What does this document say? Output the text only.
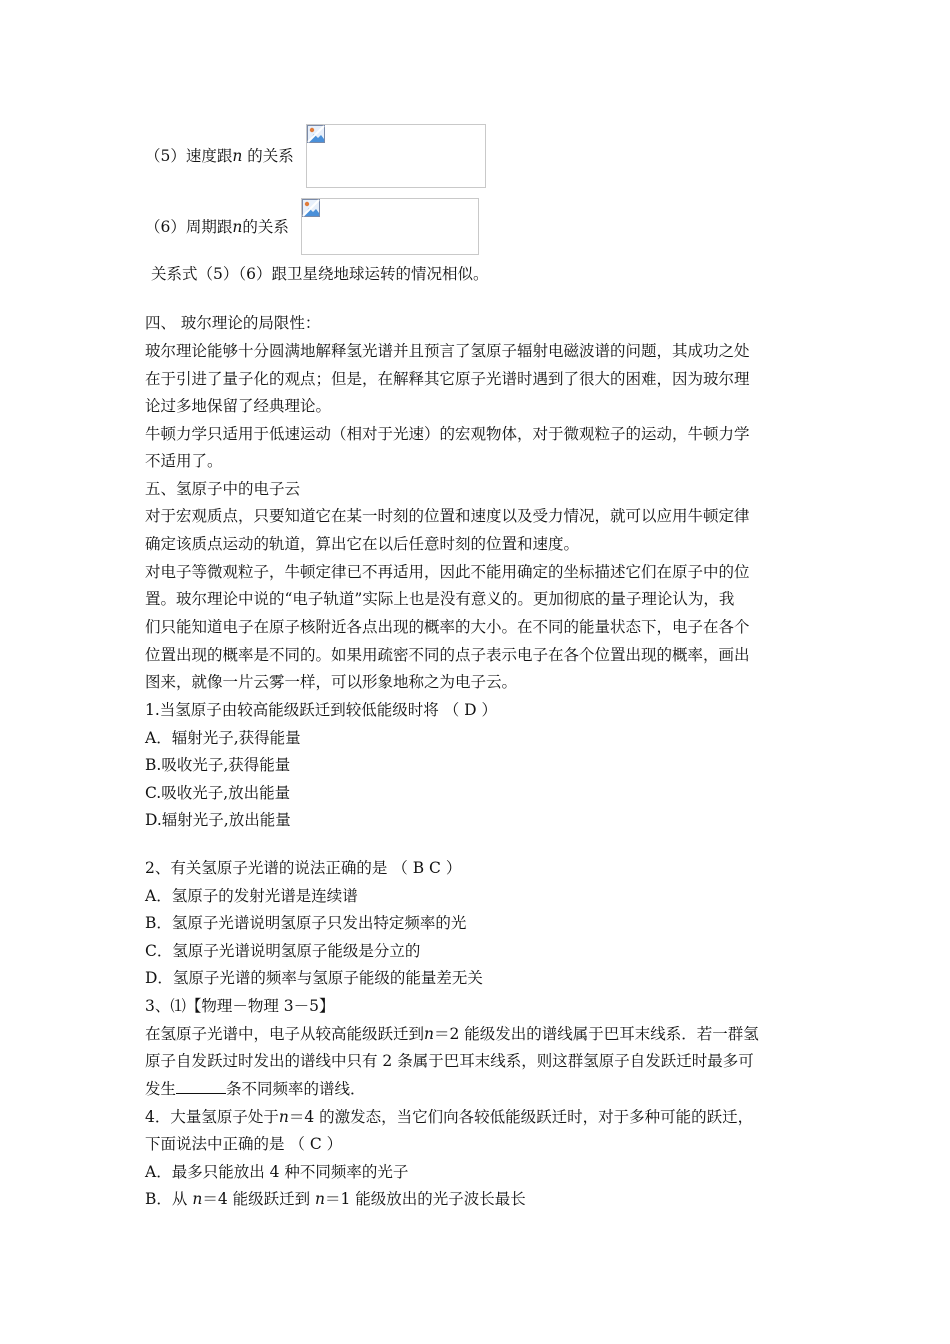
（5）速度跟n 的关系
（6）周期跟n的关系
关系式（5）（6）跟卫星绕地球运转的情况相似。
四、 玻尔理论的局限性：
玻尔理论能够十分圆满地解释氢光谱并且预言了氢原子辐射电磁波谱的问题，其成功之处
在于引进了量子化的观点；但是，在解释其它原子光谱时遇到了很大的困难，因为玻尔理
论过多地保留了经典理论。
牛顿力学只适用于低速运动（相对于光速）的宏观物体，对于微观粒子的运动，牛顿力学
不适用了。
五、氢原子中的电子云
对于宏观质点，只要知道它在某一时刻的位置和速度以及受力情况，就可以应用牛顿定律
确定该质点运动的轨道，算出它在以后任意时刻的位置和速度。
对电子等微观粒子，牛顿定律已不再适用，因此不能用确定的坐标描述它们在原子中的位
置。玻尔理论中说的“电子轨道”实际上也是没有意义的。更加彻底的量子理论认为，我
们只能知道电子在原子核附近各点出现的概率的大小。在不同的能量状态下，电子在各个
位置出现的概率是不同的。如果用疏密不同的点子表示电子在各个位置出现的概率，画出
图来，就像一片云雾一样，可以形象地称之为电子云。
1.当氢原子由较高能级跃迁到较低能级时将 （ D ）
A．辐射光子,获得能量
B.吸收光子,获得能量
C.吸收光子,放出能量
D.辐射光子,放出能量
2、有关氢原子光谱的说法正确的是 （ B C ）
A．氢原子的发射光谱是连续谱
B．氢原子光谱说明氢原子只发出特定频率的光
C．氢原子光谱说明氢原子能级是分立的
D．氢原子光谱的频率与氢原子能级的能量差无关
3、⑴【物理－物理 3－5】
在氢原子光谱中，电子从较高能级跃迁到n＝2 能级发出的谱线属于巴耳末线系．若一群氢
原子自发跃过时发出的谱线中只有 2 条属于巴耳末线系，则这群氢原子自发跃迁时最多可
发生	条不同频率的谱线．
4．大量氢原子处于n＝4 的激发态，当它们向各较低能级跃迁时，对于多种可能的跃迁，
下面说法中正确的是 （ C ）
A．最多只能放出 4 种不同频率的光子
B．从 n＝4 能级跃迁到 n＝1 能级放出的光子波长最长
